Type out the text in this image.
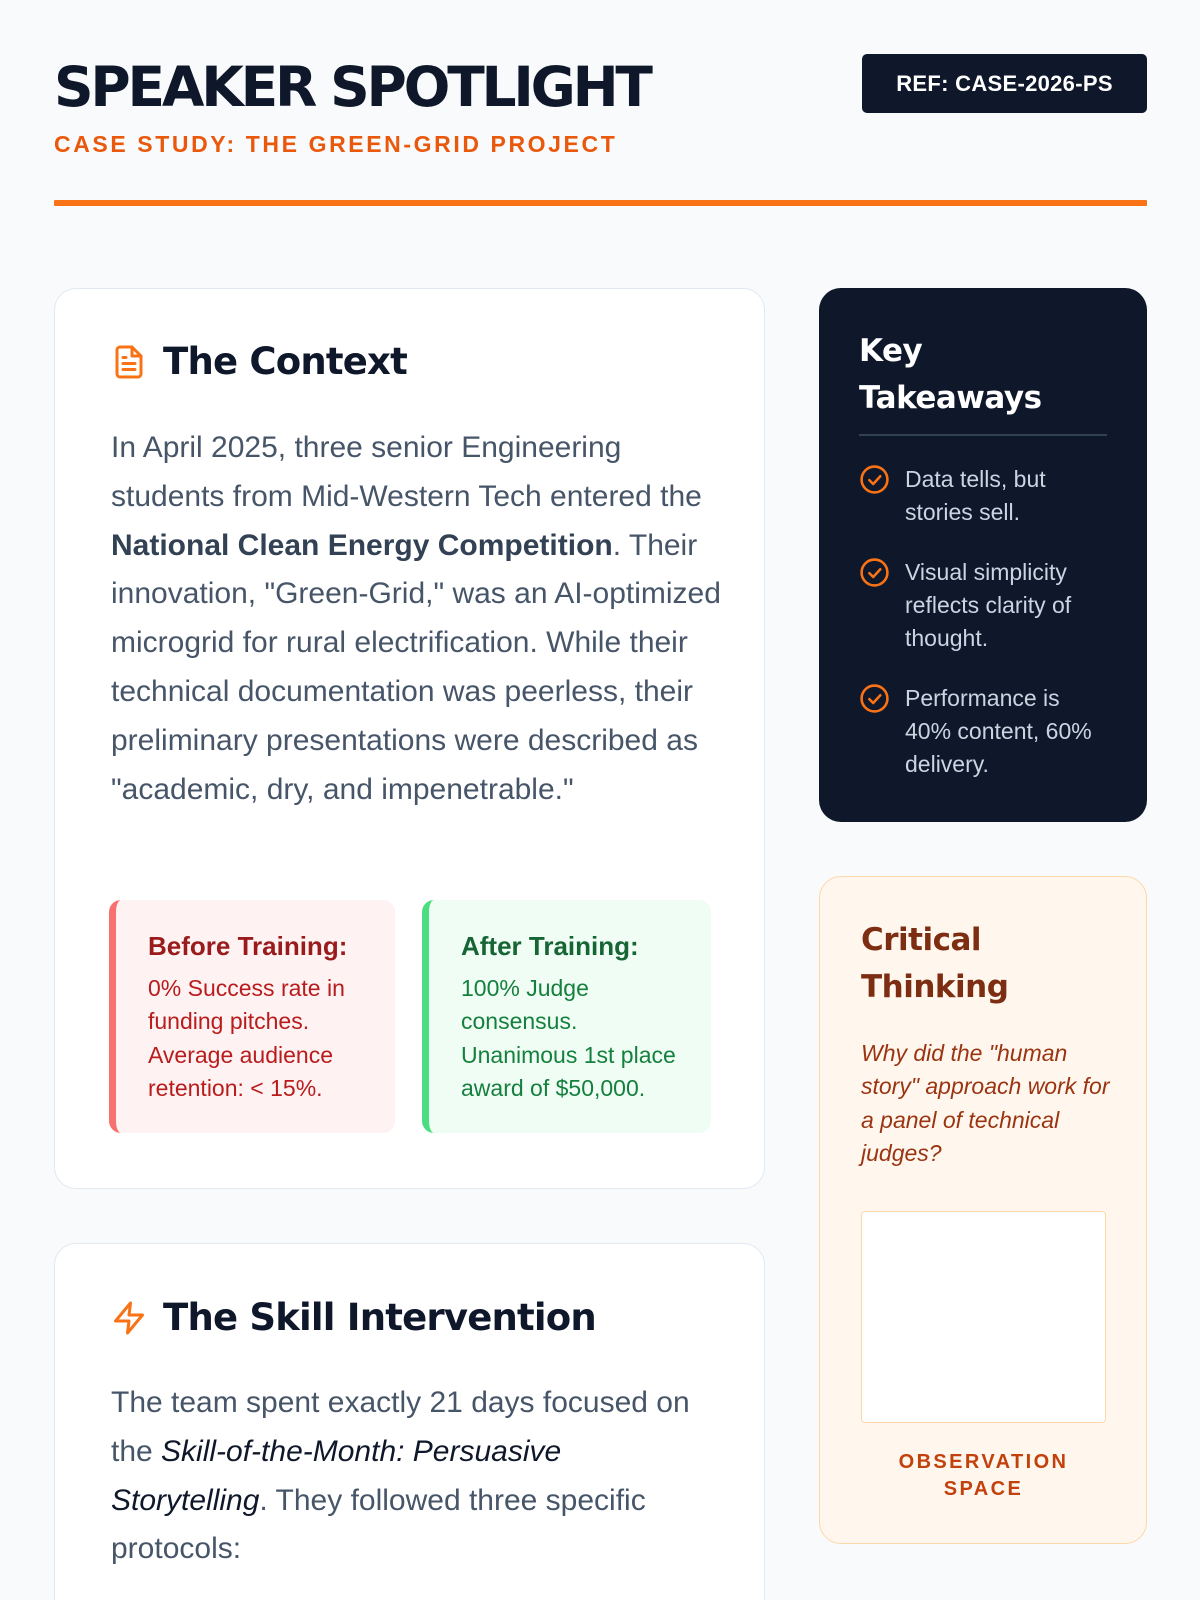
SPEAKER SPOTLIGHT
CASE STUDY: THE GREEN-GRID PROJECT
REF: CASE-2026-PS
The Context
In April 2025, three senior Engineering students from Mid-Western Tech entered the National Clean Energy Competition. Their innovation, "Green-Grid," was an AI-optimized microgrid for rural electrification. While their technical documentation was peerless, their preliminary presentations were described as "academic, dry, and impenetrable."
Before Training:
0% Success rate in funding pitches. Average audience retention: < 15%.
After Training:
100% Judge consensus. Unanimous 1st place award of $50,000.
The Skill Intervention
The team spent exactly 21 days focused on the Skill-of-the-Month: Persuasive Storytelling. They followed three specific protocols:
Key Takeaways
Data tells, but stories sell.
Visual simplicity reflects clarity of thought.
Performance is 40% content, 60% delivery.
Critical Thinking
Why did the "human story" approach work for a panel of technical judges?
OBSERVATION SPACE
